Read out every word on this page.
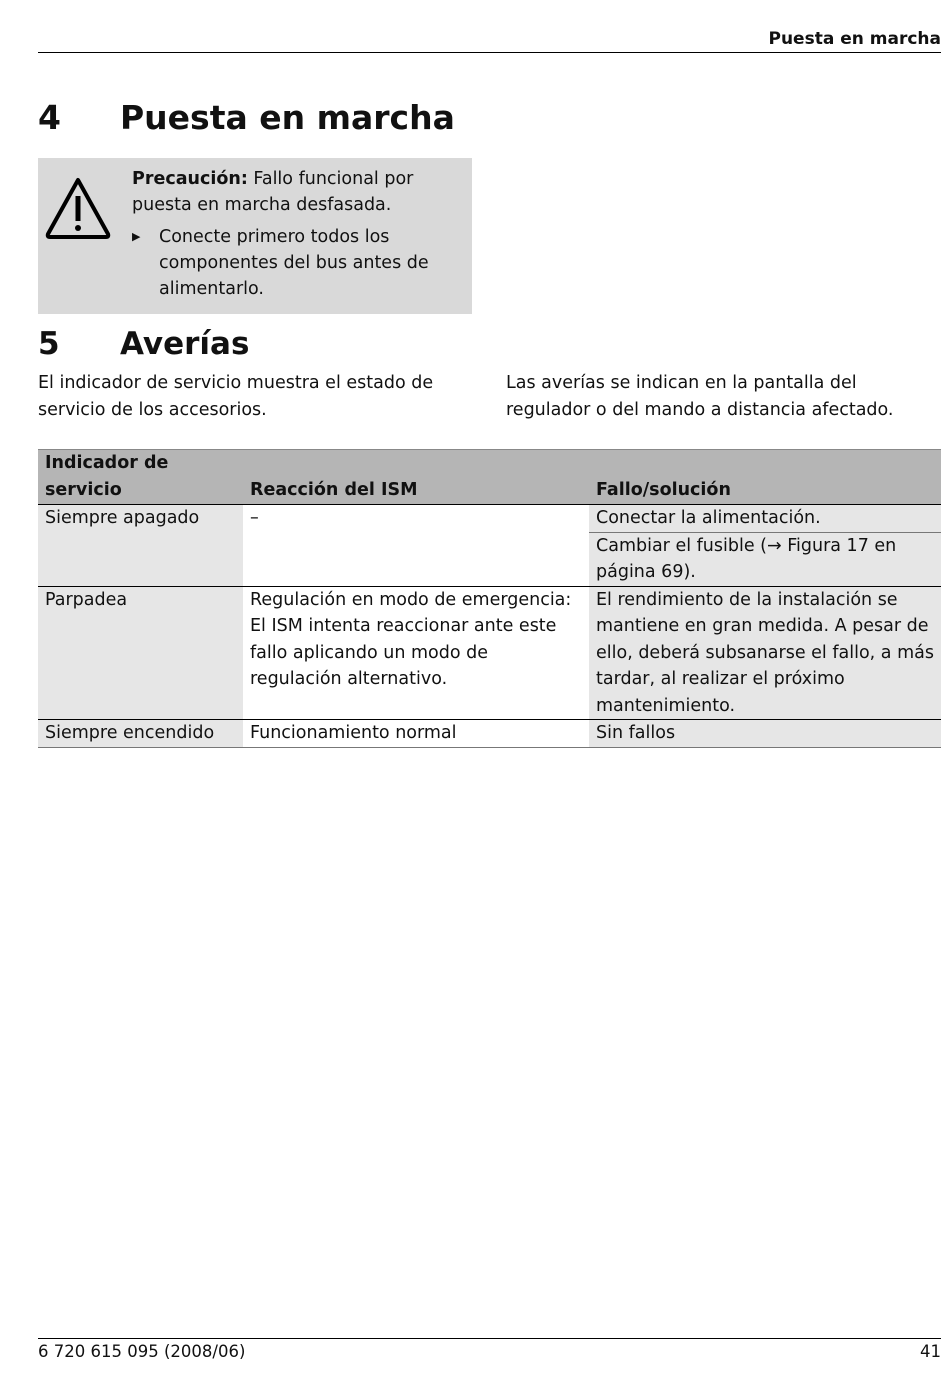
Puesta en marcha
4 Puesta en marcha
Precaución: Fallo funcional por puesta en marcha desfasada.
▶ Conecte primero todos los componentes del bus antes de alimentarlo.
5 Averías
El indicador de servicio muestra el estado de servicio de los accesorios.
Las averías se indican en la pantalla del regulador o del mando a distancia afectado.
Indicador de servicio	Reacción del ISM	Fallo/solución
Siempre apagado	–	Conectar la alimentación.
		Cambiar el fusible (→ Figura 17 en página 69).
Parpadea	Regulación en modo de emergencia: El ISM intenta reaccionar ante este fallo aplicando un modo de regulación alternativo.	El rendimiento de la instalación se mantiene en gran medida. A pesar de ello, deberá subsanarse el fallo, a más tardar, al realizar el próximo mantenimiento.
Siempre encendido	Funcionamiento normal	Sin fallos
6 720 615 095 (2008/06)	41
